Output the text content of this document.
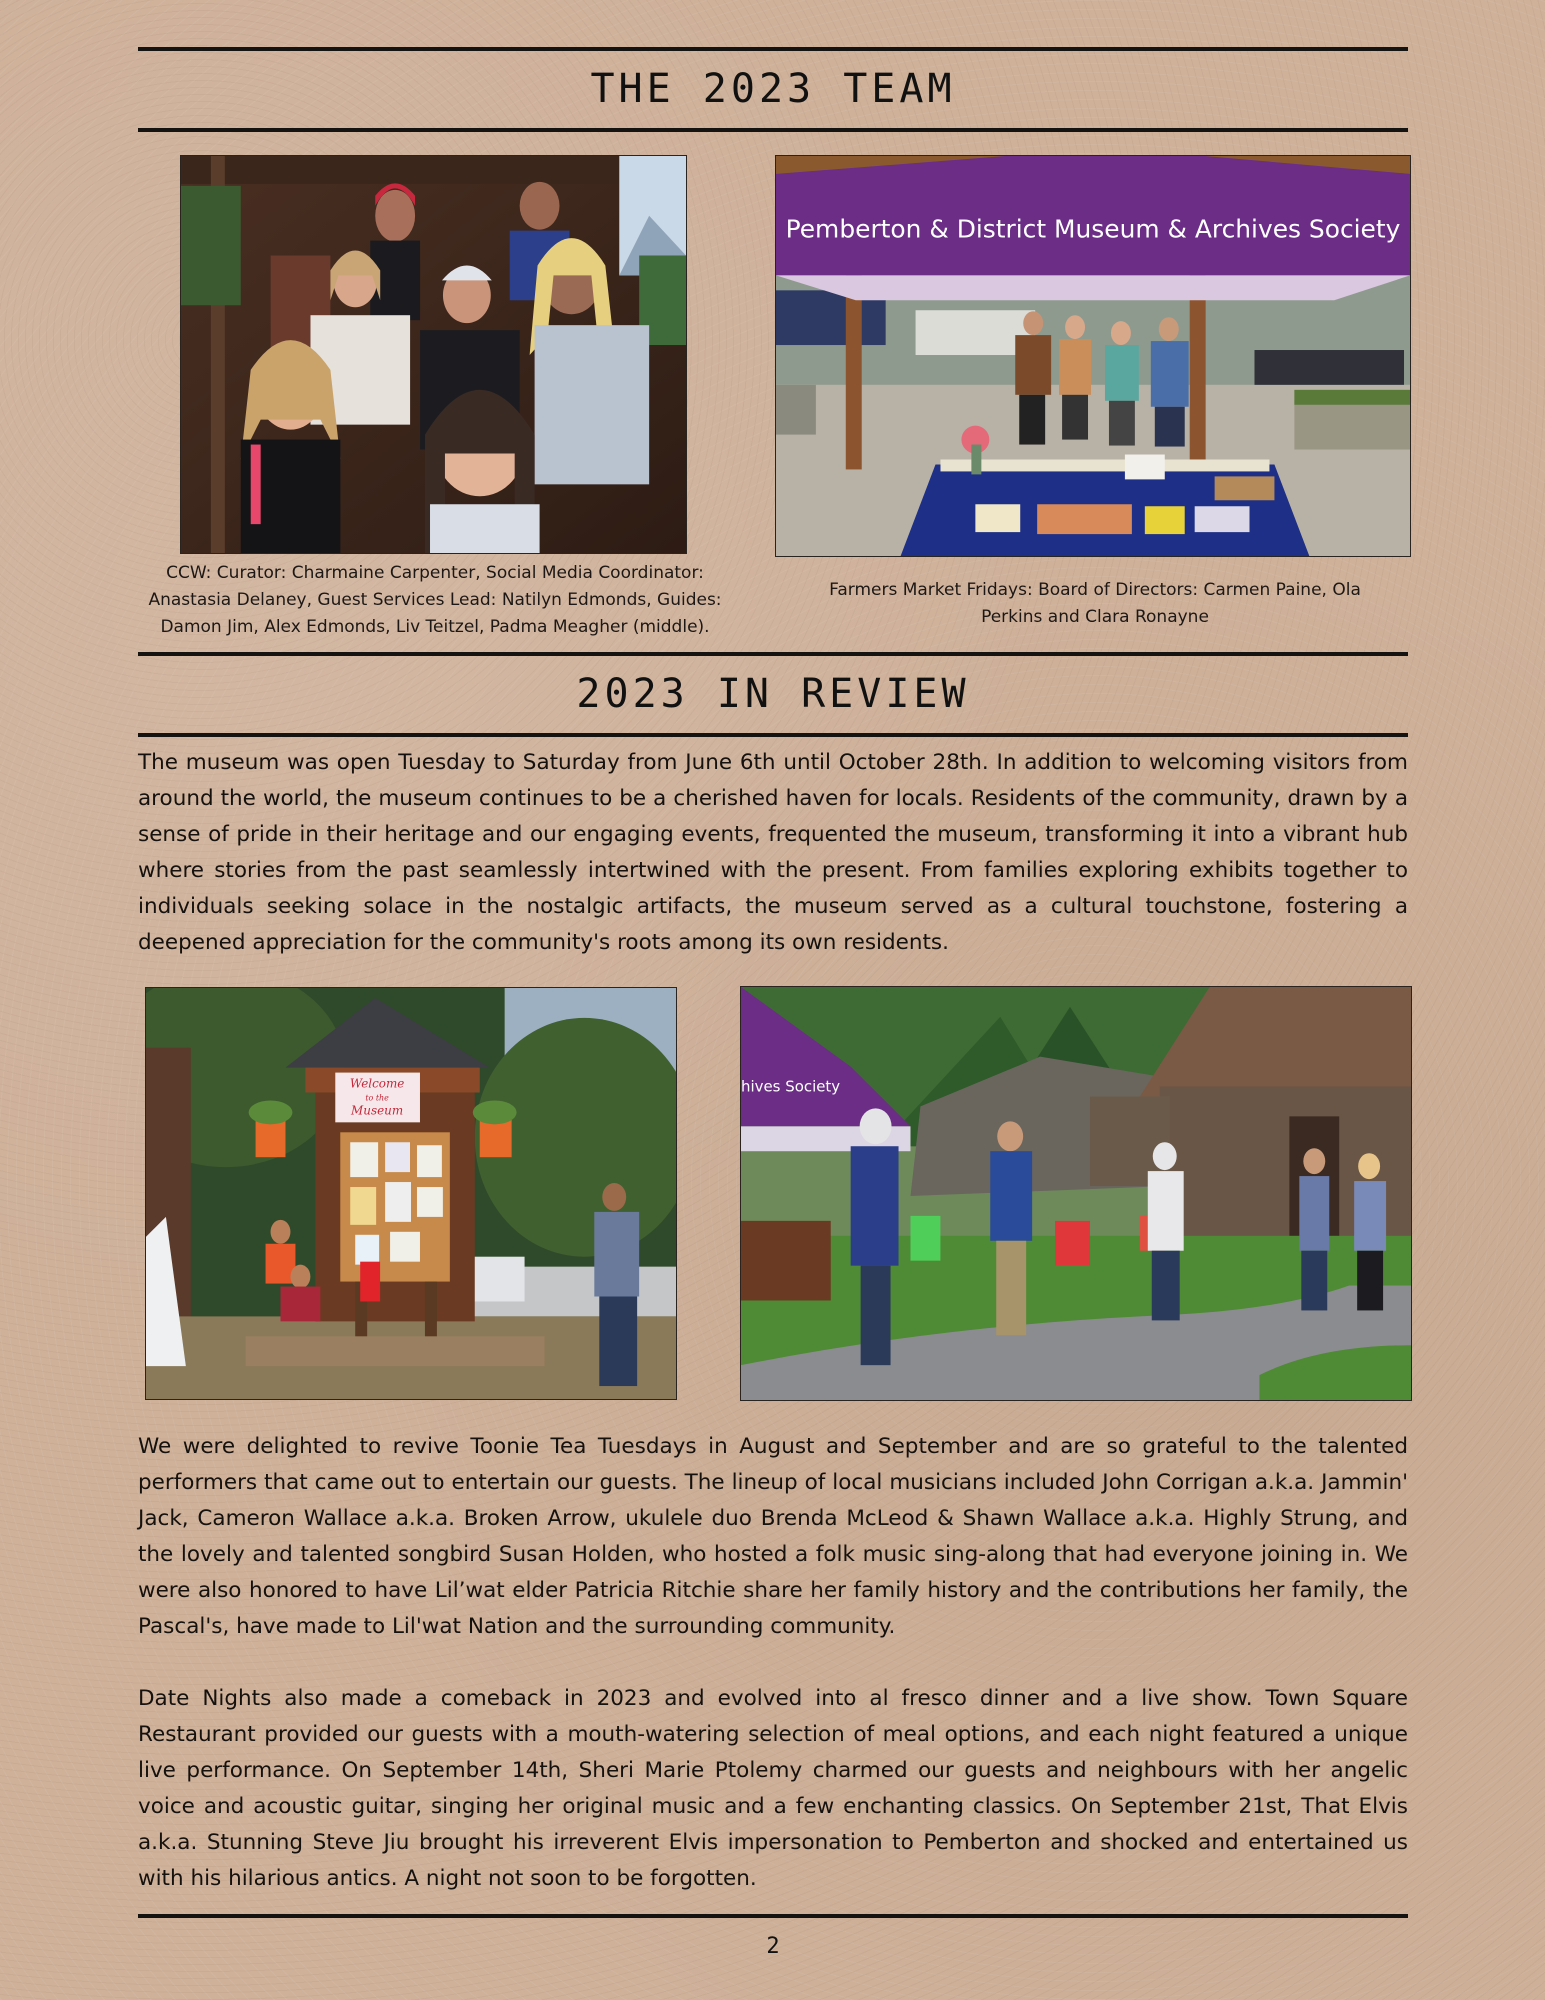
THE 2023 TEAM
CCW: Curator: Charmaine Carpenter, Social Media Coordinator: Anastasia Delaney, Guest Services Lead: Natilyn Edmonds, Guides: Damon Jim, Alex Edmonds, Liv Teitzel, Padma Meagher (middle).
Pemberton & District Museum & Archives Society
Farmers Market Fridays: Board of Directors: Carmen Paine, Ola Perkins and Clara Ronayne
2023 IN REVIEW

The museum was open Tuesday to Saturday from June 6th until October 28th. In addition to welcoming visitors from around the world, the museum continues to be a cherished haven for locals. Residents of the community, drawn by a sense of pride in their heritage and our engaging events, frequented the museum, transforming it into a vibrant hub where stories from the past seamlessly intertwined with the present. From families exploring exhibits together to individuals seeking solace in the nostalgic artifacts, the museum served as a cultural touchstone, fostering a deepened appreciation for the community's roots among its own residents.

Welcome
to the
Museum
hives Society

We were delighted to revive Toonie Tea Tuesdays in August and September and are so grateful to the talented performers that came out to entertain our guests. The lineup of local musicians included John Corrigan a.k.a. Jammin' Jack, Cameron Wallace a.k.a. Broken Arrow, ukulele duo Brenda McLeod & Shawn Wallace a.k.a. Highly Strung, and the lovely and talented songbird Susan Holden, who hosted a folk music sing-along that had everyone joining in. We were also honored to have Lil’wat elder Patricia Ritchie share her family history and the contributions her family, the Pascal's, have made to Lil'wat Nation and the surrounding community.

Date Nights also made a comeback in 2023 and evolved into al fresco dinner and a live show. Town Square Restaurant provided our guests with a mouth-watering selection of meal options, and each night featured a unique live performance. On September 14th, Sheri Marie Ptolemy charmed our guests and neighbours with her angelic voice and acoustic guitar, singing her original music and a few enchanting classics. On September 21st, That Elvis a.k.a. Stunning Steve Jiu brought his irreverent Elvis impersonation to Pemberton and shocked and entertained us with his hilarious antics. A night not soon to be forgotten.

2
